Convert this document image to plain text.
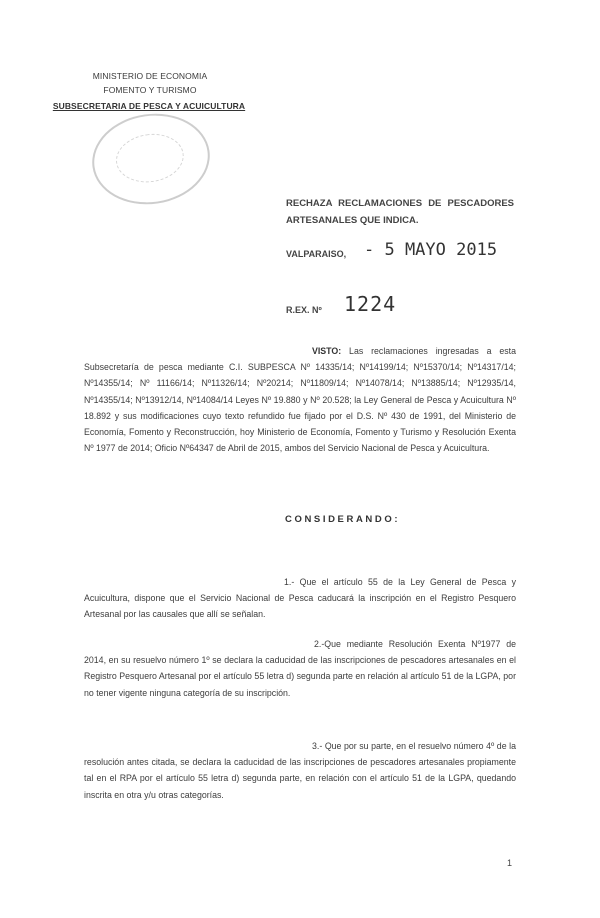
MINISTERIO DE ECONOMIA
FOMENTO Y TURISMO
SUBSECRETARIA DE PESCA Y ACUICULTURA
RECHAZA RECLAMACIONES DE PESCADORES ARTESANALES QUE INDICA.
VALPARAISO, - 5 MAYO 2015
R.EX. Nº 1224
VISTO: Las reclamaciones ingresadas a esta Subsecretaría de pesca mediante C.I. SUBPESCA Nº 14335/14; Nº14199/14; Nº15370/14; Nº14317/14; Nº14355/14; Nº 11166/14; Nº11326/14; Nº20214; Nº11809/14; Nº14078/14; Nº13885/14; Nº12935/14, Nº14355/14; Nº13912/14, Nº14084/14 Leyes Nº 19.880 y Nº 20.528; la Ley General de Pesca y Acuicultura Nº 18.892 y sus modificaciones cuyo texto refundido fue fijado por el D.S. Nº 430 de 1991, del Ministerio de Economía, Fomento y Reconstrucción, hoy Ministerio de Economía, Fomento y Turismo y Resolución Exenta Nº 1977 de 2014; Oficio Nº64347 de Abril de 2015, ambos del Servicio Nacional de Pesca y Acuicultura.
CONSIDERANDO:
1.- Que el artículo 55 de la Ley General de Pesca y Acuicultura, dispone que el Servicio Nacional de Pesca caducará la inscripción en el Registro Pesquero Artesanal por las causales que allí se señalan.
2.-Que mediante Resolución Exenta Nº1977 de 2014, en su resuelvo número 1º se declara la caducidad de las inscripciones de pescadores artesanales en el Registro Pesquero Artesanal por el artículo 55 letra d) segunda parte en relación al artículo 51 de la LGPA, por no tener vigente ninguna categoría de su inscripción.
3.- Que por su parte, en el resuelvo número 4º de la resolución antes citada, se declara la caducidad de las inscripciones de pescadores artesanales propiamente tal en el RPA por el artículo 55 letra d) segunda parte, en relación con el artículo 51 de la LGPA, quedando inscrita en otra y/u otras categorías.
1
